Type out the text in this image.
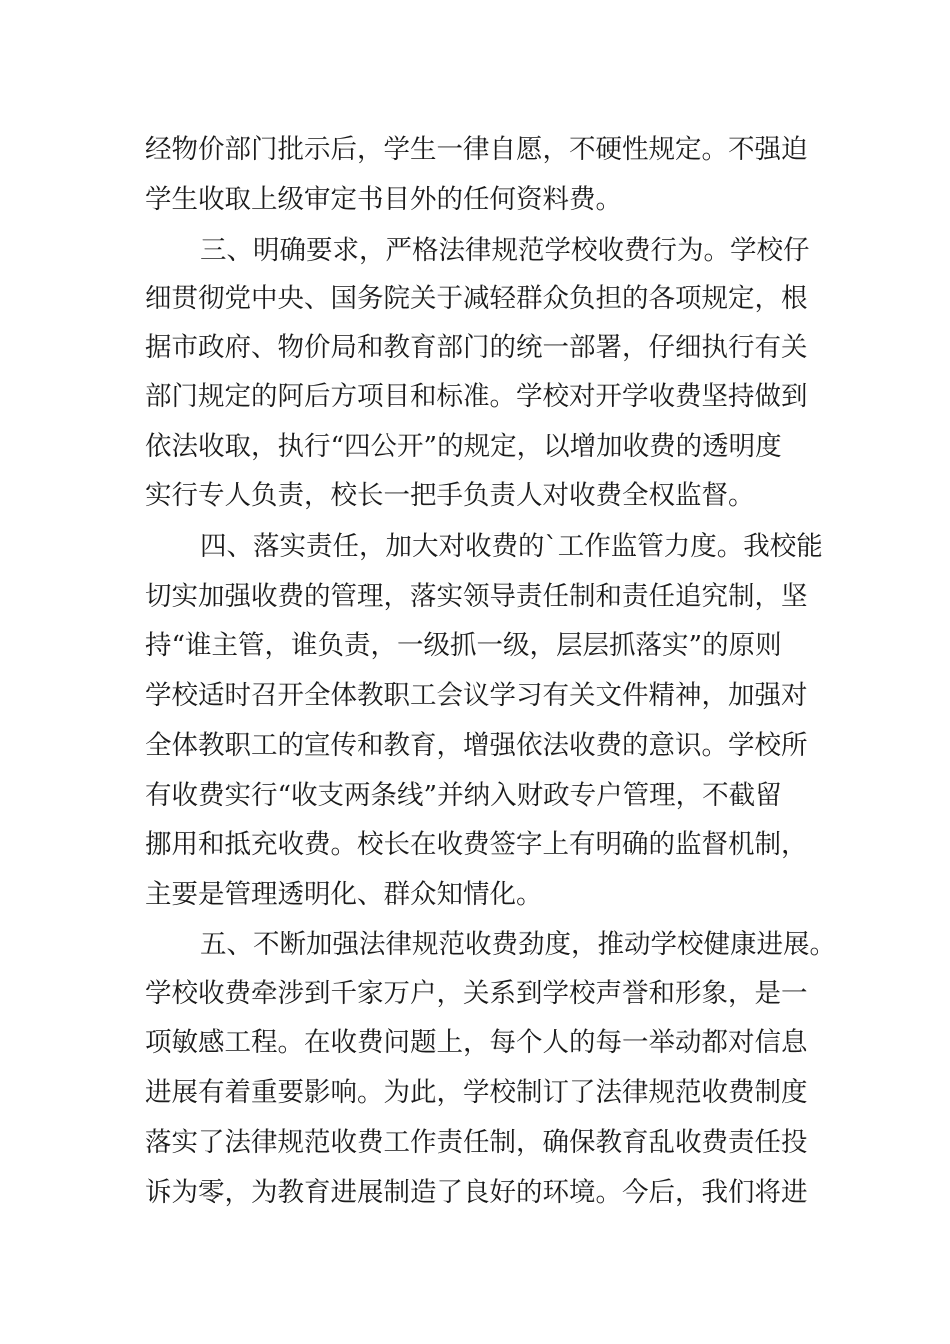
经物价部门批示后，学生一律自愿，不硬性规定。不强迫
学生收取上级审定书目外的任何资料费。
三、明确要求，严格法律规范学校收费行为。学校仔
细贯彻党中央、国务院关于减轻群众负担的各项规定，根
据市政府、物价局和教育部门的统一部署，仔细执行有关
部门规定的阿后方项目和标准。学校对开学收费坚持做到
依法收取，执行“四公开”的规定，以增加收费的透明度
实行专人负责，校长一把手负责人对收费全权监督。
四、落实责任，加大对收费的`工作监管力度。我校能
切实加强收费的管理，落实领导责任制和责任追究制，坚
持“谁主管，谁负责，一级抓一级，层层抓落实”的原则
学校适时召开全体教职工会议学习有关文件精神，加强对
全体教职工的宣传和教育，增强依法收费的意识。学校所
有收费实行“收支两条线”并纳入财政专户管理，不截留
挪用和抵充收费。校长在收费签字上有明确的监督机制，
主要是管理透明化、群众知情化。
五、不断加强法律规范收费劲度，推动学校健康进展。
学校收费牵涉到千家万户，关系到学校声誉和形象，是一
项敏感工程。在收费问题上，每个人的每一举动都对信息
进展有着重要影响。为此，学校制订了法律规范收费制度
落实了法律规范收费工作责任制，确保教育乱收费责任投
诉为零，为教育进展制造了良好的环境。今后，我们将进
